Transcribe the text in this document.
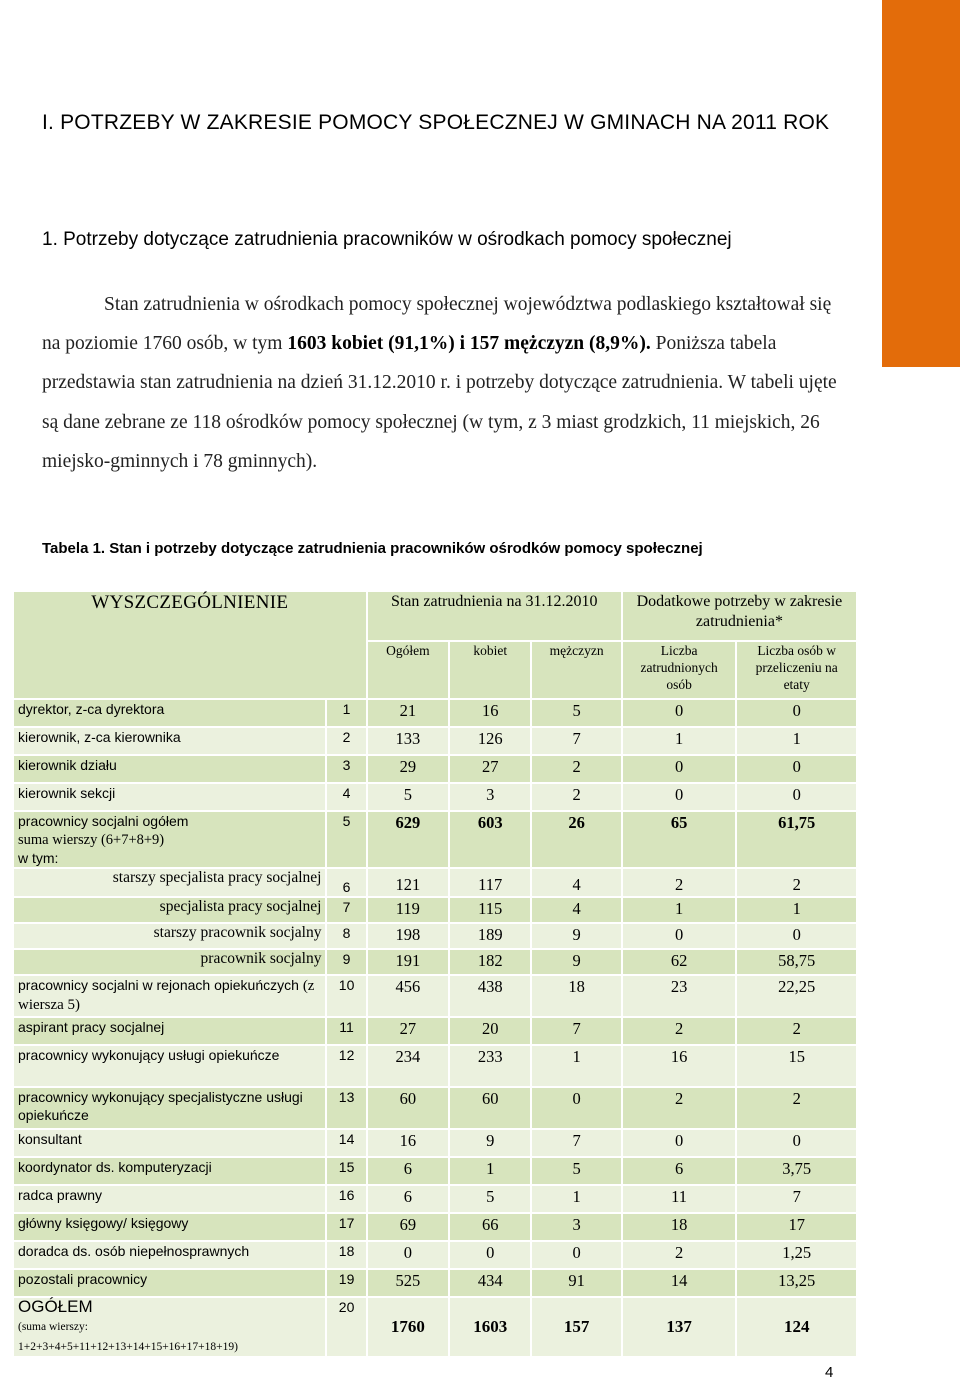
I. POTRZEBY W ZAKRESIE POMOCY SPOŁECZNEJ W GMINACH NA 2011 ROK
1. Potrzeby dotyczące zatrudnienia pracowników w ośrodkach pomocy społecznej

Stan zatrudnienia w ośrodkach pomocy społecznej województwa podlaskiego kształtował się na poziomie 1760 osób, w tym 1603 kobiet (91,1%) i 157 mężczyzn (8,9%). Poniższa tabela przedstawia stan zatrudnienia na dzień 31.12.2010 r. i potrzeby dotyczące zatrudnienia. W tabeli ujęte są dane zebrane ze 118 ośrodków pomocy społecznej (w tym, z 3 miast grodzkich, 11 miejskich, 26 miejsko-gminnych i 78 gminnych).

Tabela 1. Stan i potrzeby dotyczące zatrudnienia pracowników ośrodków pomocy społecznej
WYSZCZEGÓLNIENIE		Stan zatrudnienia na 31.12.2010			Dodatkowe potrzeby w zakresie zatrudnienia*	
		Ogółem	kobiet	mężczyzn	Liczba zatrudnionych osób	Liczba osób w przeliczeniu na etaty
dyrektor, z-ca dyrektora	1	21	16	5	0	0
kierownik, z-ca kierownika	2	133	126	7	1	1
kierownik działu	3	29	27	2	0	0
kierownik sekcji	4	5	3	2	0	0
pracownicy socjalni ogółem
suma wierszy (6+7+8+9)
w tym:	5	629	603	26	65	61,75
starszy specjalista pracy socjalnej	6	121	117	4	2	2
specjalista pracy socjalnej	7	119	115	4	1	1
starszy pracownik socjalny	8	198	189	9	0	0
pracownik socjalny	9	191	182	9	62	58,75
pracownicy socjalni w rejonach opiekuńczych (z wiersza 5)	10	456	438	18	23	22,25
aspirant pracy socjalnej	11	27	20	7	2	2
pracownicy wykonujący usługi opiekuńcze	12	234	233	1	16	15
pracownicy wykonujący specjalistyczne usługi opiekuńcze	13	60	60	0	2	2
konsultant	14	16	9	7	0	0
koordynator ds. komputeryzacji	15	6	1	5	6	3,75
radca prawny	16	6	5	1	11	7
główny księgowy/ księgowy	17	69	66	3	18	17
doradca ds. osób niepełnosprawnych	18	0	0	0	2	1,25
pozostali pracownicy	19	525	434	91	14	13,25
OGÓŁEM
(suma wierszy:
1+2+3+4+5+11+12+13+14+15+16+17+18+19)	20	1760	1603	157	137	124
4
